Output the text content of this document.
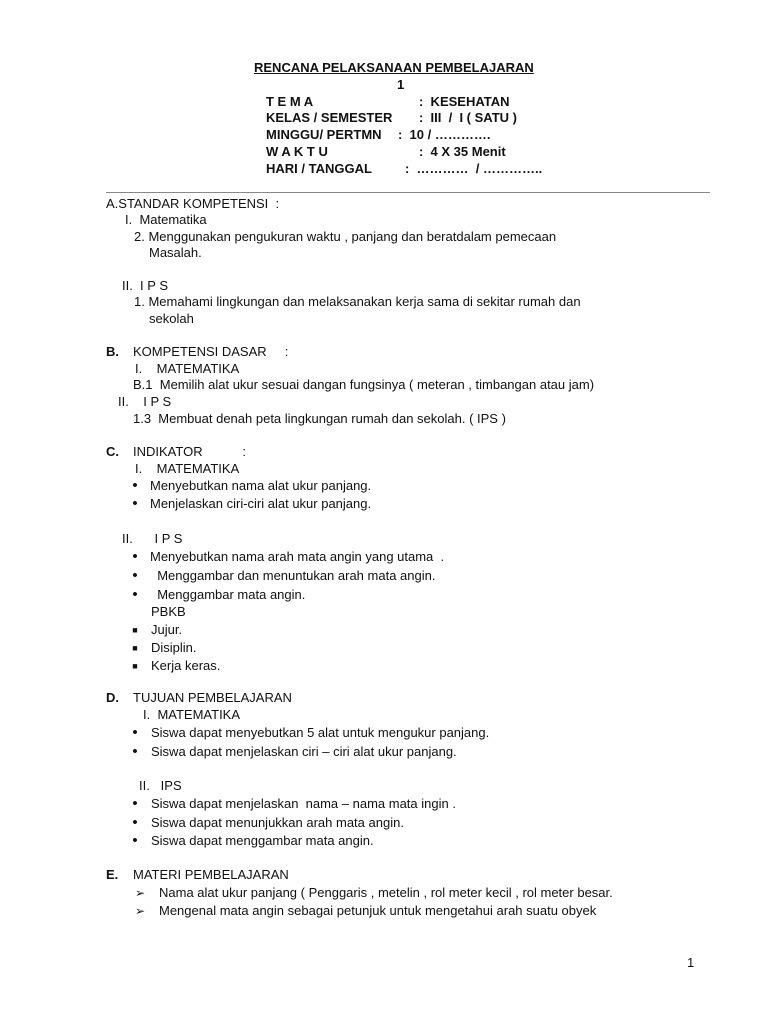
RENCANA PELAKSANAAN PEMBELAJARAN
1
T E M A	:  KESEHATAN
KELAS / SEMESTER :  III  /  I ( SATU )
MINGGU/ PERTMN :  10 / ………….
W A K T U	:  4 X 35 Menit
HARI / TANGGAL	:  …………  / …………..
A.STANDAR KOMPETENSI  :
I.  Matematika
2. Menggunakan pengukuran waktu , panjang dan beratdalam pemecaan
Masalah.
II.  I P S
1. Memahami lingkungan dan melaksanakan kerja sama di sekitar rumah dan
sekolah
B. KOMPETENSI DASAR     :
I.    MATEMATIKA
B.1  Memilih alat ukur sesuai dangan fungsinya ( meteran , timbangan atau jam)
II.    I P S
1.3  Membuat denah peta lingkungan rumah dan sekolah. ( IPS )
C. INDIKATOR           :
I.    MATEMATIKA
• Menyebutkan nama alat ukur panjang.
• Menjelaskan ciri-ciri alat ukur panjang.
II.      I P S
• Menyebutkan nama arah mata angin yang utama  .
• Menggambar dan menuntukan arah mata angin.
• Menggambar mata angin.
PBKB
■	Jujur.
■	Disiplin.
■	Kerja keras.
D. TUJUAN PEMBELAJARAN
I.  MATEMATIKA
•	Siswa dapat menyebutkan 5 alat untuk mengukur panjang.
•	Siswa dapat menjelaskan ciri – ciri alat ukur panjang.
II.   IPS
•	Siswa dapat menjelaskan  nama – nama mata ingin .
•	Siswa dapat menunjukkan arah mata angin.
•	Siswa dapat menggambar mata angin.
E. MATERI PEMBELAJARAN
➢ Nama alat ukur panjang ( Penggaris , metelin , rol meter kecil , rol meter besar.
➢ Mengenal mata angin sebagai petunjuk untuk mengetahui arah suatu obyek
1
